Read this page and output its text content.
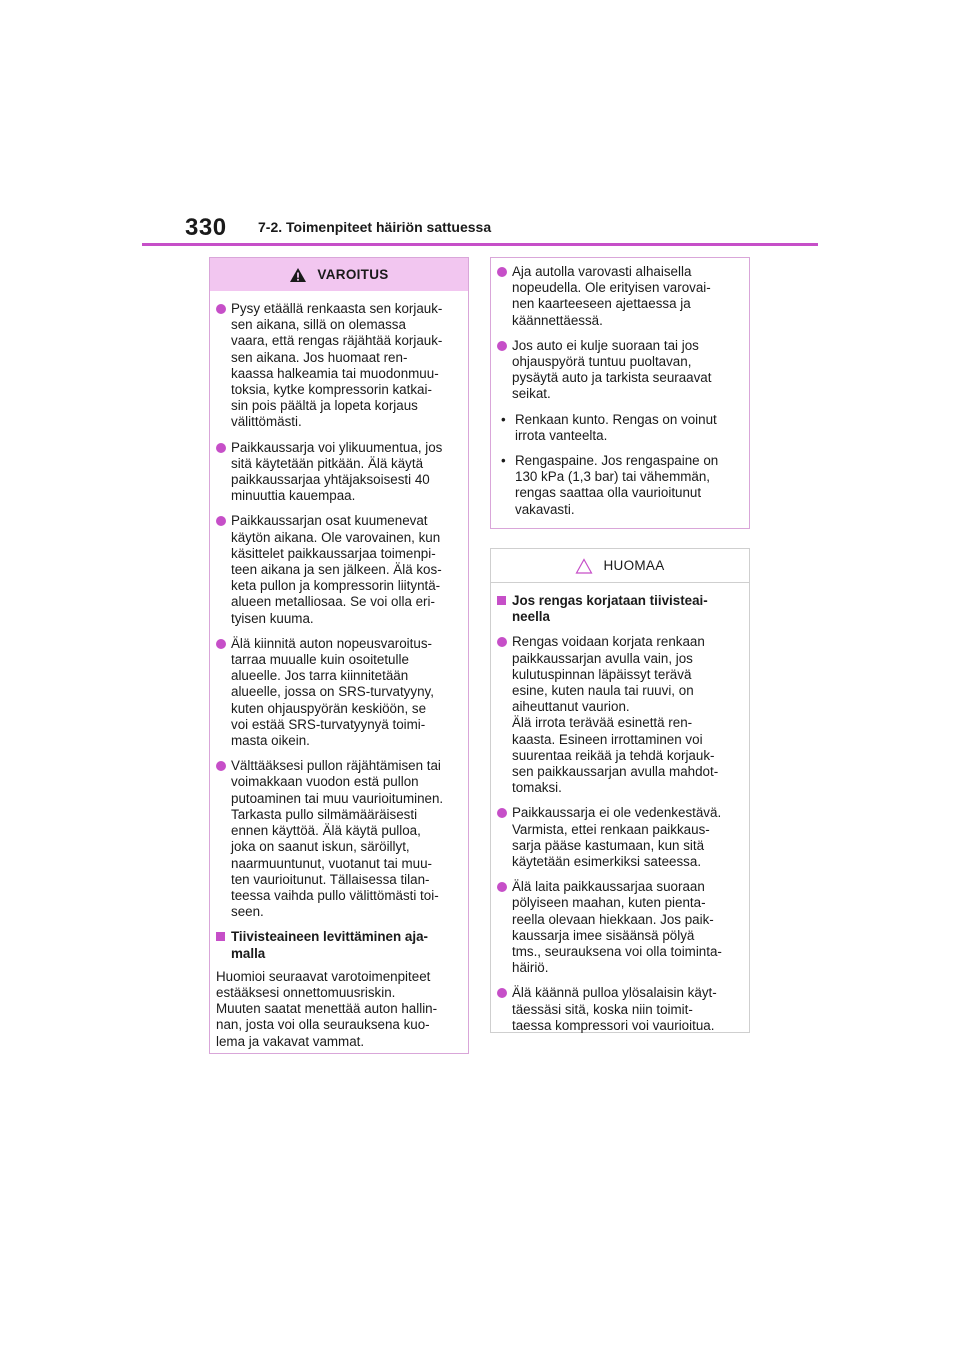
330 7-2. Toimenpiteet häiriön sattuessa
VAROITUS
Pysy etäällä renkaasta sen korjauk-
sen aikana, sillä on olemassa
vaara, että rengas räjähtää korjauk-
sen aikana. Jos huomaat ren-
kaassa halkeamia tai muodonmuu-
toksia, kytke kompressorin katkai-
sin pois päältä ja lopeta korjaus
välittömästi.
Paikkaussarja voi ylikuumentua, jos
sitä käytetään pitkään. Älä käytä
paikkaussarjaa yhtäjaksoisesti 40
minuuttia kauempaa.
Paikkaussarjan osat kuumenevat
käytön aikana. Ole varovainen, kun
käsittelet paikkaussarjaa toimenpi-
teen aikana ja sen jälkeen. Älä kos-
keta pullon ja kompressorin liityntä-
alueen metalliosaa. Se voi olla eri-
tyisen kuuma.
Älä kiinnitä auton nopeusvaroitus-
tarraa muualle kuin osoitetulle
alueelle. Jos tarra kiinnitetään
alueelle, jossa on SRS-turvatyyny,
kuten ohjauspyörän keskiöön, se
voi estää SRS-turvatyynyä toimi-
masta oikein.
Välttääksesi pullon räjähtämisen tai
voimakkaan vuodon estä pullon
putoaminen tai muu vaurioituminen.
Tarkasta pullo silmämääräisesti
ennen käyttöä. Älä käytä pulloa,
joka on saanut iskun, säröillyt,
naarmuuntunut, vuotanut tai muu-
ten vaurioitunut. Tällaisessa tilan-
teessa vaihda pullo välittömästi toi-
seen.
Tiivisteaineen levittäminen aja-
malla
Huomioi seuraavat varotoimenpiteet
estääksesi onnettomuusriskin.
Muuten saatat menettää auton hallin-
nan, josta voi olla seurauksena kuo-
lema ja vakavat vammat.
Aja autolla varovasti alhaisella
nopeudella. Ole erityisen varovai-
nen kaarteeseen ajettaessa ja
käännettäessä.
Jos auto ei kulje suoraan tai jos
ohjauspyörä tuntuu puoltavan,
pysäytä auto ja tarkista seuraavat
seikat.
• Renkaan kunto. Rengas on voinut
irrota vanteelta.
• Rengaspaine. Jos rengaspaine on
130 kPa (1,3 bar) tai vähemmän,
rengas saattaa olla vaurioitunut
vakavasti.
HUOMAA
Jos rengas korjataan tiivisteai-
neella
Rengas voidaan korjata renkaan
paikkaussarjan avulla vain, jos
kulutuspinnan läpäissyt terävä
esine, kuten naula tai ruuvi, on
aiheuttanut vaurion.
Älä irrota terävää esinettä ren-
kaasta. Esineen irrottaminen voi
suurentaa reikää ja tehdä korjauk-
sen paikkaussarjan avulla mahdot-
tomaksi.
Paikkaussarja ei ole vedenkestävä.
Varmista, ettei renkaan paikkaus-
sarja pääse kastumaan, kun sitä
käytetään esimerkiksi sateessa.
Älä laita paikkaussarjaa suoraan
pölyiseen maahan, kuten pienta-
reella olevaan hiekkaan. Jos paik-
kaussarja imee sisäänsä pölyä
tms., seurauksena voi olla toiminta-
häiriö.
Älä käännä pulloa ylösalaisin käyt-
täessäsi sitä, koska niin toimit-
taessa kompressori voi vaurioitua.
